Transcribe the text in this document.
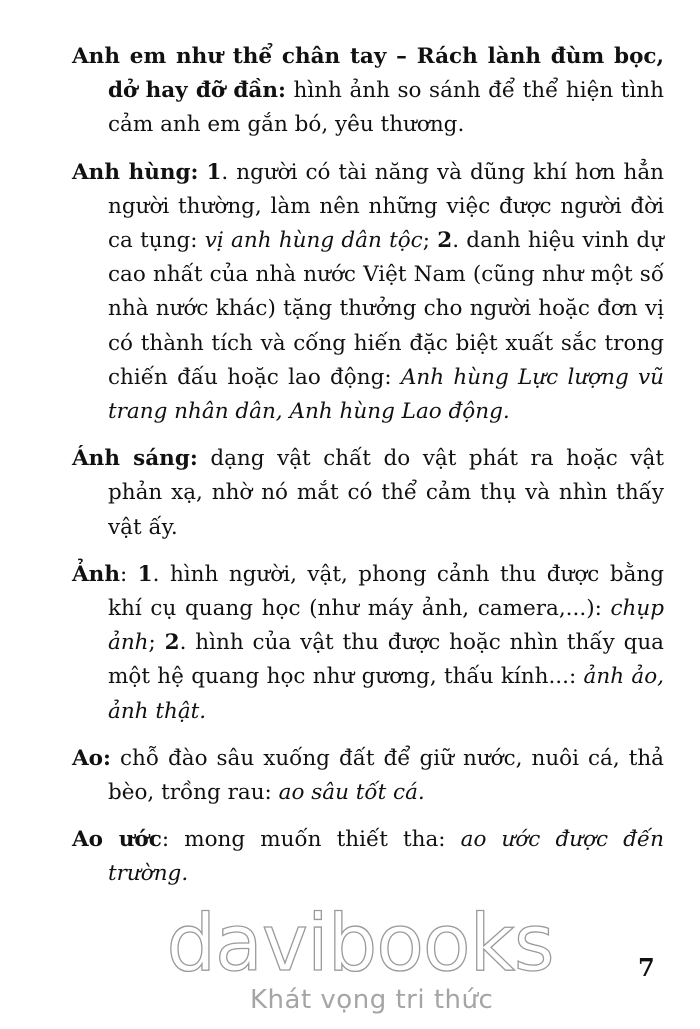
Anh em như thể chân tay – Rách lành đùm bọc, dở hay đỡ đần: hình ảnh so sánh để thể hiện tình cảm anh em gắn bó, yêu thương.

Anh hùng: 1. người có tài năng và dũng khí hơn hẳn người thường, làm nên những việc được người đời ca tụng: vị anh hùng dân tộc; 2. danh hiệu vinh dự cao nhất của nhà nước Việt Nam (cũng như một số nhà nước khác) tặng thưởng cho người hoặc đơn vị có thành tích và cống hiến đặc biệt xuất sắc trong chiến đấu hoặc lao động: Anh hùng Lực lượng vũ trang nhân dân, Anh hùng Lao động.

Ánh sáng: dạng vật chất do vật phát ra hoặc vật phản xạ, nhờ nó mắt có thể cảm thụ và nhìn thấy vật ấy.

Ảnh: 1. hình người, vật, phong cảnh thu được bằng khí cụ quang học (như máy ảnh, camera,...): chụp ảnh; 2. hình của vật thu được hoặc nhìn thấy qua một hệ quang học như gương, thấu kính...: ảnh ảo, ảnh thật.

Ao: chỗ đào sâu xuống đất để giữ nước, nuôi cá, thả bèo, trồng rau: ao sâu tốt cá.

Ao ước: mong muốn thiết tha: ao ước được đến trường.

davibooks
Khát vọng tri thức
7
